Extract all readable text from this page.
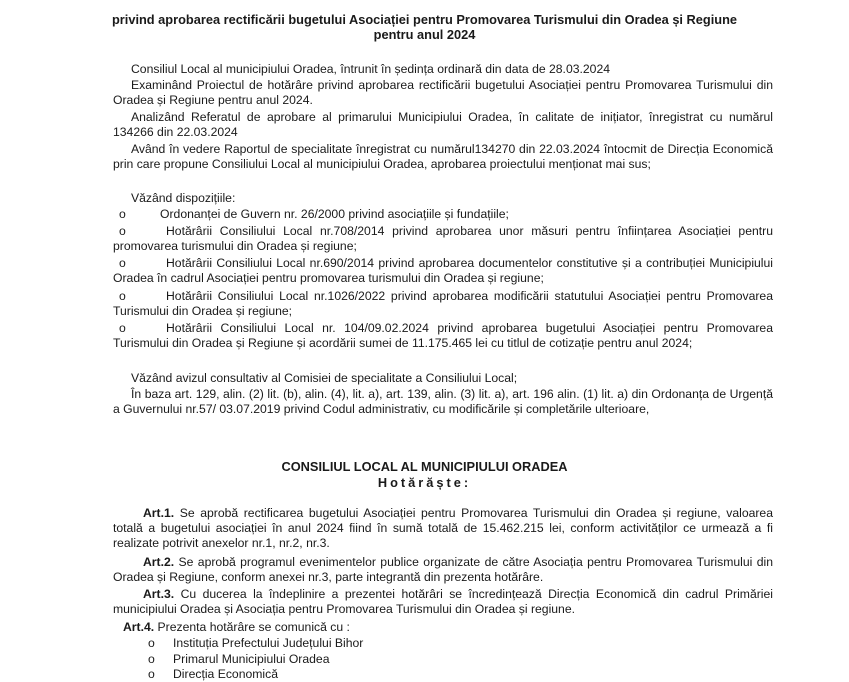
privind aprobarea rectificării bugetului Asociației pentru Promovarea Turismului din Oradea și Regiune
pentru anul 2024
Consiliul Local al municipiului Oradea, întrunit în ședința ordinară din data de 28.03.2024
Examinând Proiectul de hotărâre privind aprobarea rectificării bugetului Asociației pentru Promovarea Turismului din Oradea și Regiune pentru anul 2024.
Analizând Referatul de aprobare al primarului Municipiului Oradea, în calitate de inițiator, înregistrat cu numărul 134266 din 22.03.2024
Având în vedere Raportul de specialitate înregistrat cu numărul134270 din 22.03.2024 întocmit de Direcția Economică prin care propune Consiliului Local al municipiului Oradea, aprobarea proiectului menționat mai sus;
Văzând dispozițiile:
o	Ordonanței de Guvern nr. 26/2000 privind asociațiile și fundațiile;
o	Hotărârii Consiliului Local nr.708/2014 privind aprobarea unor măsuri pentru înființarea Asociației pentru promovarea turismului din Oradea și regiune;
o	Hotărârii Consiliului Local nr.690/2014 privind aprobarea documentelor constitutive și a contribuției Municipiului Oradea în cadrul Asociației pentru promovarea turismului din Oradea și regiune;
o	Hotărârii Consiliului Local nr.1026/2022 privind aprobarea modificării statutului Asociației pentru Promovarea Turismului din Oradea și regiune;
o	Hotărârii Consiliului Local nr. 104/09.02.2024 privind aprobarea bugetului Asociației pentru Promovarea Turismului din Oradea și Regiune și acordării sumei de 11.175.465 lei cu titlul de cotizație pentru anul 2024;
Văzând avizul consultativ al Comisiei de specialitate a Consiliului Local;
În baza art. 129, alin. (2) lit. (b), alin. (4), lit. a), art. 139, alin. (3) lit. a), art. 196 alin. (1) lit. a) din Ordonanța de Urgență a Guvernului nr.57/ 03.07.2019 privind Codul administrativ, cu modificările și completările ulterioare,
CONSILIUL LOCAL AL MUNICIPIULUI ORADEA
Hotărăște:
Art.1. Se aprobă rectificarea bugetului Asociației pentru Promovarea Turismului din Oradea și regiune, valoarea totală a bugetului asociației în anul 2024 fiind în sumă totală de 15.462.215 lei, conform activităților ce urmează a fi realizate potrivit anexelor nr.1, nr.2, nr.3.
Art.2. Se aprobă programul evenimentelor publice organizate de către Asociația pentru Promovarea Turismului din Oradea și Regiune, conform anexei nr.3, parte integrantă din prezenta hotărâre.
Art.3. Cu ducerea la îndeplinire a prezentei hotărâri se încredințează Direcția Economică din cadrul Primăriei municipiului Oradea și Asociația pentru Promovarea Turismului din Oradea și regiune.
Art.4. Prezenta hotărâre se comunică cu :
o Instituția Prefectului Județului Bihor
o Primarul Municipiului Oradea
o Direcția Economică
